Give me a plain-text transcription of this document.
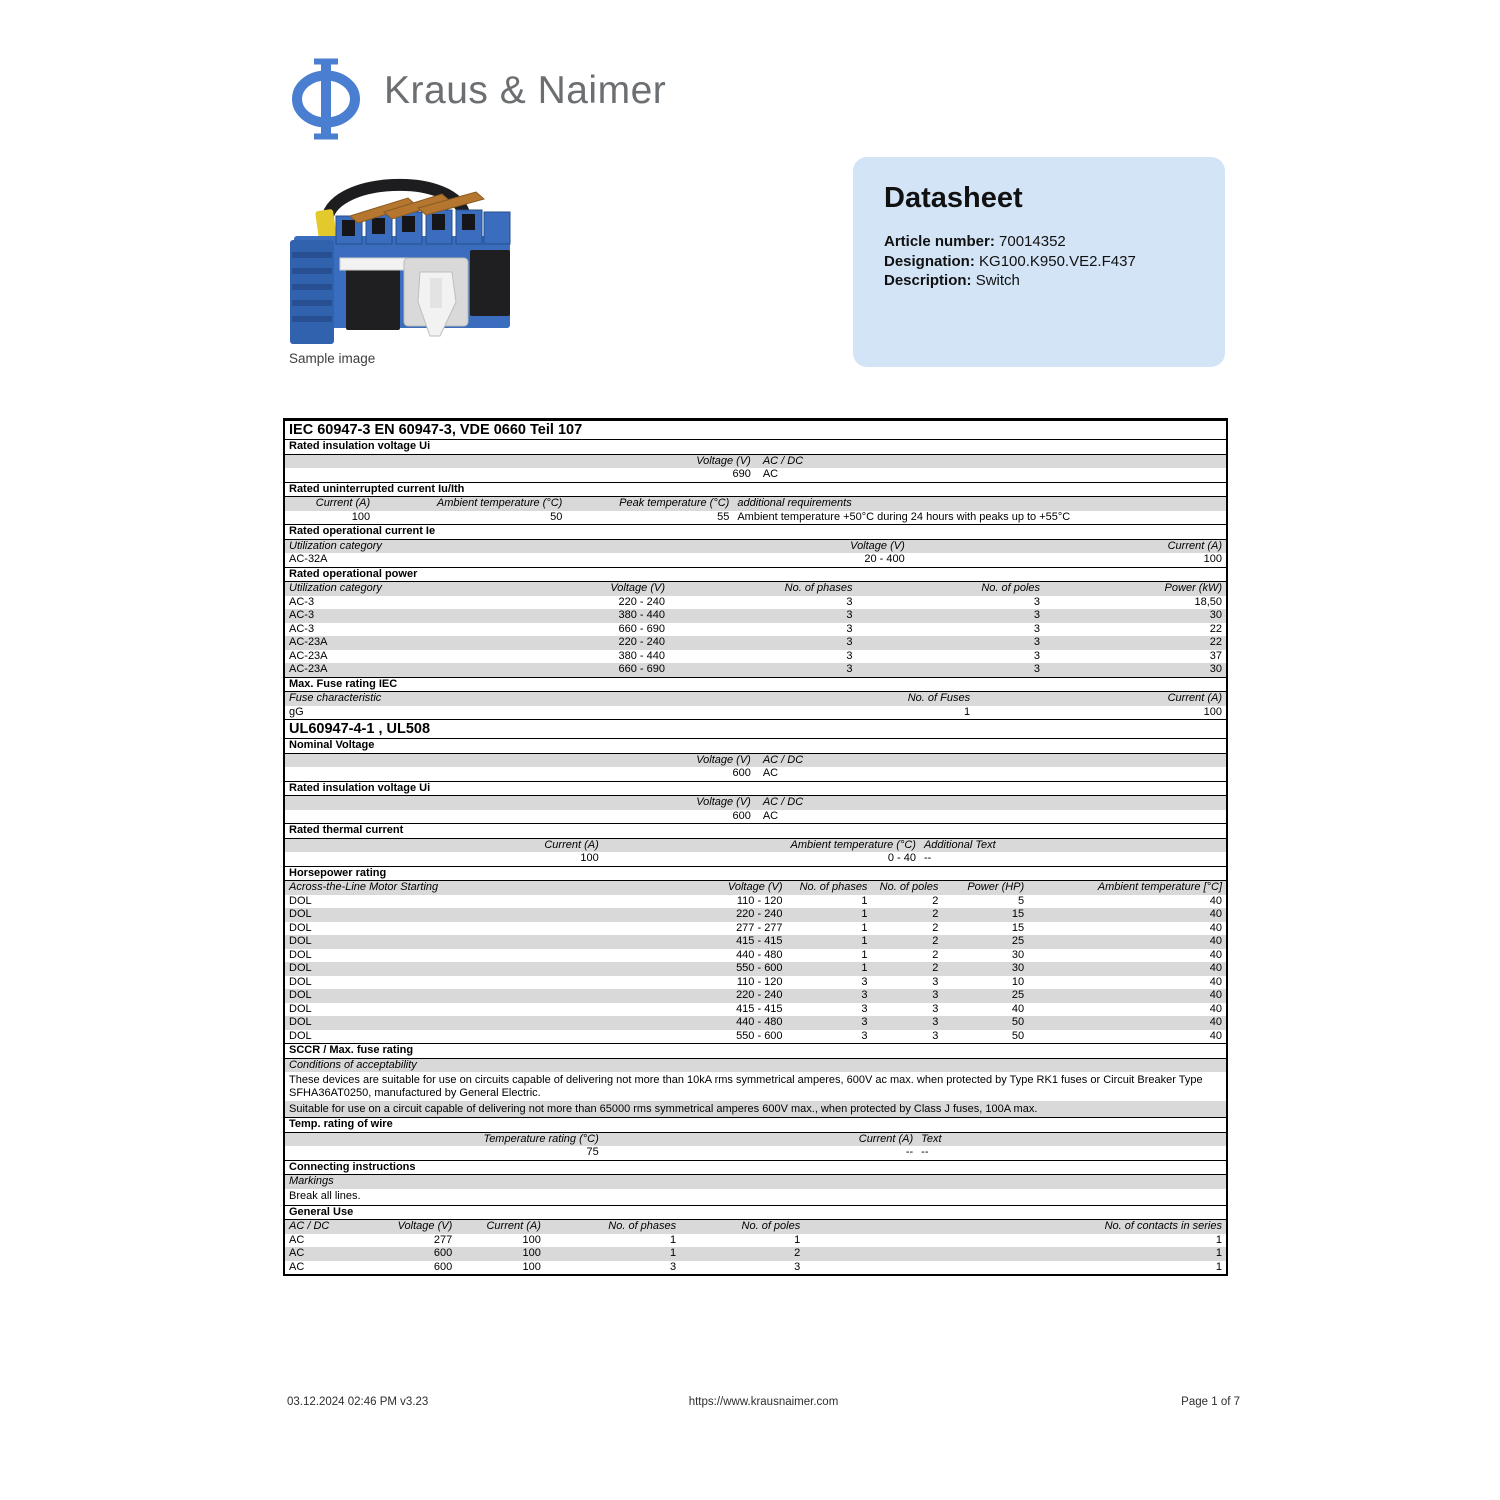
Kraus & Naimer
Sample image
Datasheet
Article number: 70014352
Designation: KG100.K950.VE2.F437
Description: Switch
IEC 60947-3 EN 60947-3, VDE 0660 Teil 107
Rated insulation voltage Ui
Voltage (V)	AC / DC
690	AC
Rated uninterrupted current Iu/Ith
Current (A)	Ambient temperature (°C)	Peak temperature (°C) additional requirements
100	50	55 Ambient temperature +50°C during 24 hours with peaks up to +55°C
Rated operational current Ie
Utilization category	Voltage (V)	Current (A)
AC-32A	20 - 400	100
Rated operational power
Utilization category	Voltage (V)	No. of phases	No. of poles	Power (kW)
AC-3	220 - 240	3	3	18,50
AC-3	380 - 440	3	3	30
AC-3	660 - 690	3	3	22
AC-23A	220 - 240	3	3	22
AC-23A	380 - 440	3	3	37
AC-23A	660 - 690	3	3	30
Max. Fuse rating IEC
Fuse characteristic	No. of Fuses	Current (A)
gG	1	100
UL60947-4-1 , UL508
Nominal Voltage
Voltage (V)	AC / DC
600	AC
Rated insulation voltage Ui
Voltage (V)	AC / DC
600	AC
Rated thermal current
Current (A)	Ambient temperature (°C) Additional Text
100	0 - 40 --
Horsepower rating
Across-the-Line Motor Starting	Voltage (V)	No. of phases	No. of poles	Power (HP)	Ambient temperature [°C]
DOL	110 - 120	1	2	5	40
DOL	220 - 240	1	2	15	40
DOL	277 - 277	1	2	15	40
DOL	415 - 415	1	2	25	40
DOL	440 - 480	1	2	30	40
DOL	550 - 600	1	2	30	40
DOL	110 - 120	3	3	10	40
DOL	220 - 240	3	3	25	40
DOL	415 - 415	3	3	40	40
DOL	440 - 480	3	3	50	40
DOL	550 - 600	3	3	50	40
SCCR / Max. fuse rating
Conditions of acceptability
These devices are suitable for use on circuits capable of delivering not more than 10kA rms symmetrical amperes, 600V ac max. when protected by Type RK1 fuses or Circuit Breaker Type SFHA36AT0250, manufactured by General Electric.
Suitable for use on a circuit capable of delivering not more than 65000 rms symmetrical amperes 600V max., when protected by Class J fuses, 100A max.
Temp. rating of wire
Temperature rating (°C)	Current (A) Text
75	-- --
Connecting instructions
Markings
Break all lines.
General Use
AC / DC	Voltage (V)	Current (A)	No. of phases	No. of poles	No. of contacts in series
AC	277	100	1	1	1
AC	600	100	1	2	1
AC	600	100	3	3	1
03.12.2024 02:46 PM v3.23	https://www.krausnaimer.com	Page 1 of 7
